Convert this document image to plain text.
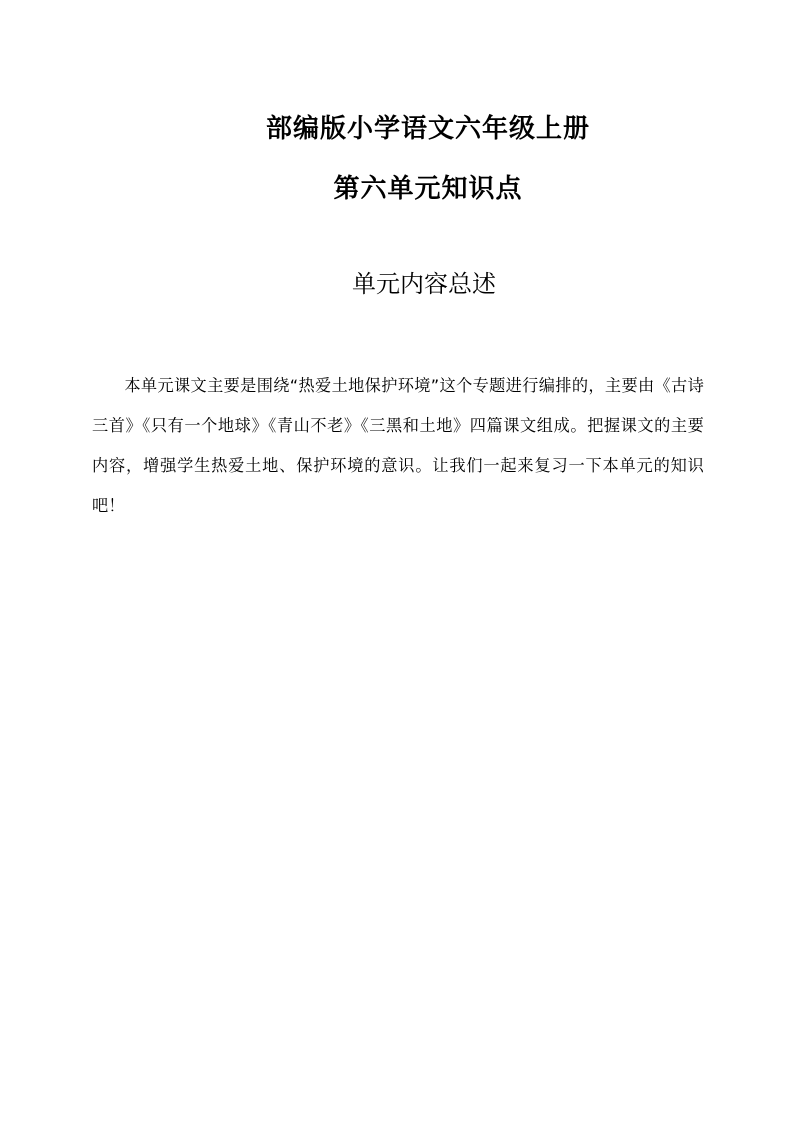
部编版小学语文六年级上册
第六单元知识点
单元内容总述

本单元课文主要是围绕“热爱土地保护环境”这个专题进行编排的，主要由《古诗三首》《只有一个地球》《青山不老》《三黑和土地》四篇课文组成。把握课文的主要内容，增强学生热爱土地、保护环境的意识。让我们一起来复习一下本单元的知识吧！
